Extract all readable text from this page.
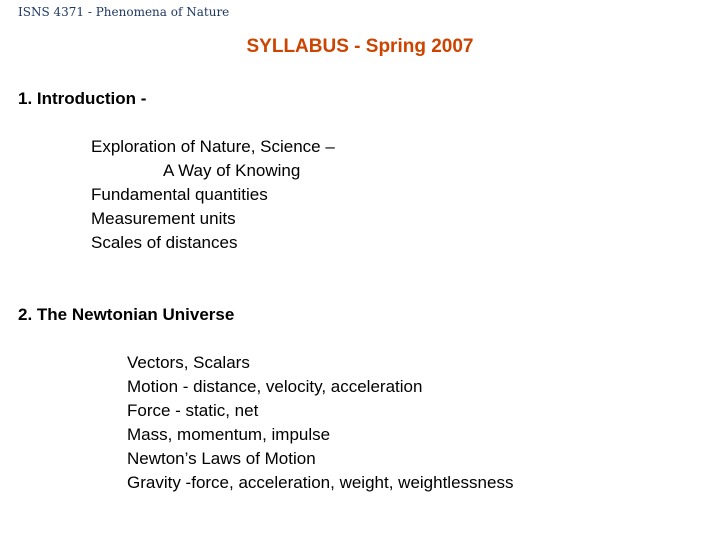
ISNS 4371 - Phenomena of Nature
SYLLABUS - Spring 2007
1. Introduction -
Exploration of Nature, Science –
A Way of Knowing
Fundamental quantities
Measurement units
Scales of distances
2. The Newtonian Universe
Vectors, Scalars
Motion - distance, velocity, acceleration
Force - static, net
Mass, momentum, impulse
Newton’s Laws of Motion
Gravity -force, acceleration, weight, weightlessness
